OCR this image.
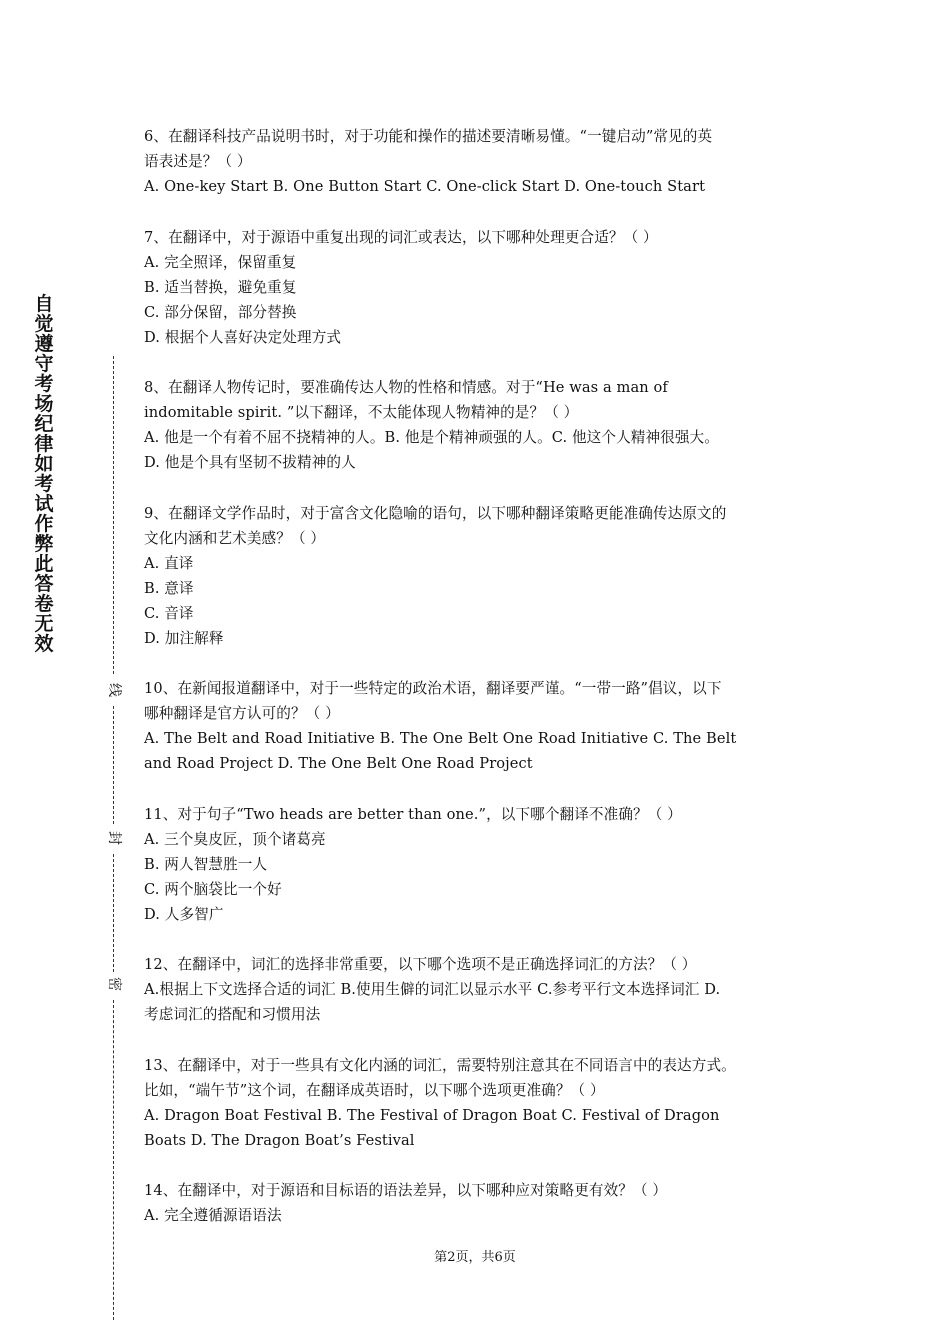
自觉遵守考场纪律如考试作弊此答卷无效
线
封
密
6、在翻译科技产品说明书时，对于功能和操作的描述要清晰易懂。“一键启动”常见的英
语表述是？（ ）
A. One-key Start B. One Button Start C. One-click Start D. One-touch Start
7、在翻译中，对于源语中重复出现的词汇或表达，以下哪种处理更合适？（ ）
A. 完全照译，保留重复
B. 适当替换，避免重复
C. 部分保留，部分替换
D. 根据个人喜好决定处理方式
8、在翻译人物传记时，要准确传达人物的性格和情感。对于“He was a man of
indomitable spirit. ”以下翻译，不太能体现人物精神的是？（ ）
A. 他是一个有着不屈不挠精神的人。B. 他是个精神顽强的人。C. 他这个人精神很强大。
D. 他是个具有坚韧不拔精神的人
9、在翻译文学作品时，对于富含文化隐喻的语句，以下哪种翻译策略更能准确传达原文的
文化内涵和艺术美感？（ ）
A. 直译
B. 意译
C. 音译
D. 加注解释
10、在新闻报道翻译中，对于一些特定的政治术语，翻译要严谨。“一带一路”倡议，以下
哪种翻译是官方认可的？（ ）
A. The Belt and Road Initiative B. The One Belt One Road Initiative C. The Belt
and Road Project D. The One Belt One Road Project
11、对于句子“Two heads are better than one.”，以下哪个翻译不准确？（ ）
A. 三个臭皮匠，顶个诸葛亮
B. 两人智慧胜一人
C. 两个脑袋比一个好
D. 人多智广
12、在翻译中，词汇的选择非常重要，以下哪个选项不是正确选择词汇的方法？（ ）
A.根据上下文选择合适的词汇 B.使用生僻的词汇以显示水平 C.参考平行文本选择词汇 D.
考虑词汇的搭配和习惯用法
13、在翻译中，对于一些具有文化内涵的词汇，需要特别注意其在不同语言中的表达方式。
比如，“端午节”这个词，在翻译成英语时，以下哪个选项更准确？（ ）
A. Dragon Boat Festival B. The Festival of Dragon Boat C. Festival of Dragon
Boats D. The Dragon Boat’s Festival
14、在翻译中，对于源语和目标语的语法差异，以下哪种应对策略更有效？（ ）
A. 完全遵循源语语法
第2页，共6页
